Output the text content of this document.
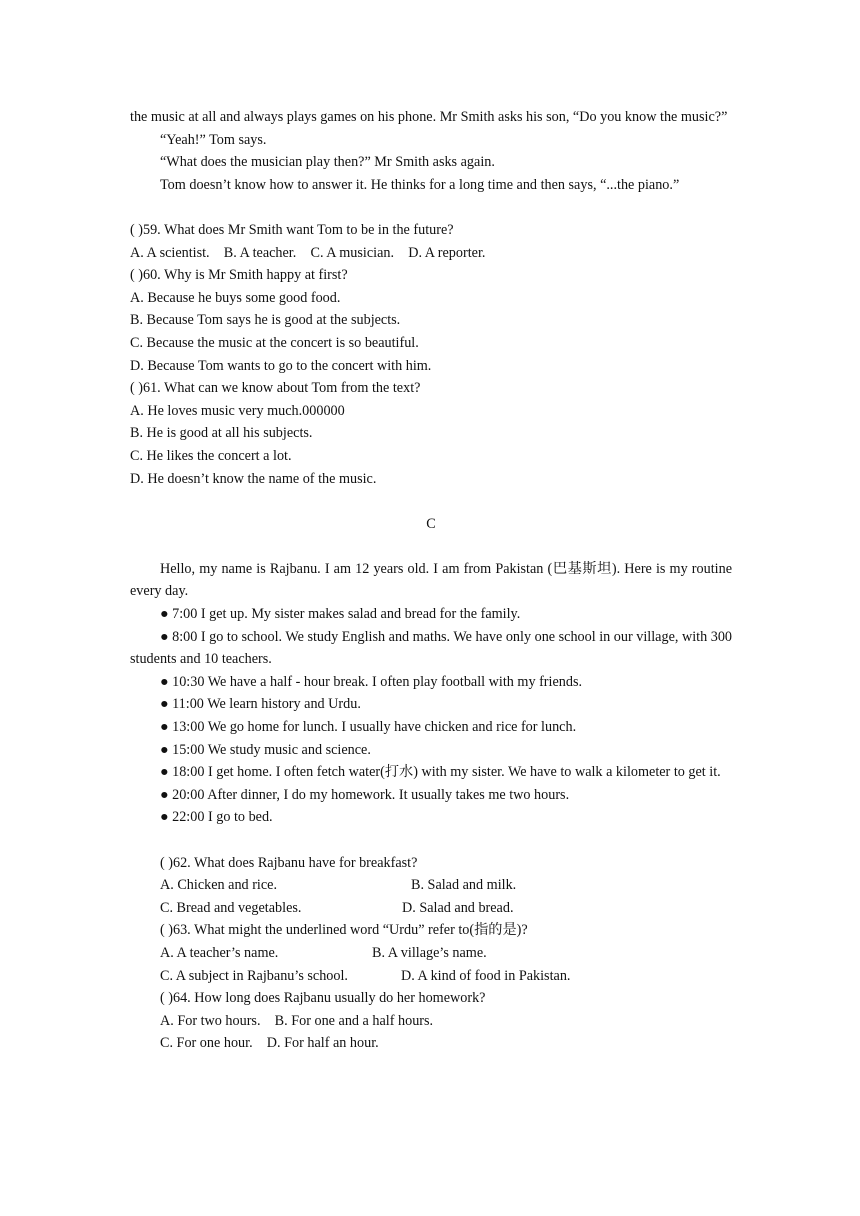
the music at all and always plays games on his phone. Mr Smith asks his son, “Do you know the music?”

“Yeah!” Tom says.

“What does the musician play then?” Mr Smith asks again.

Tom doesn’t know how to answer it. He thinks for a long time and then says, “...the piano.”

( )59. What does Mr Smith want Tom to be in the future?

A. A scientist.    B. A teacher.    C. A musician.    D. A reporter.

( )60. Why is Mr Smith happy at first?

A. Because he buys some good food.

B. Because Tom says he is good at the subjects.

C. Because the music at the concert is so beautiful.

D. Because Tom wants to go to the concert with him.

( )61. What can we know about Tom from the text?

A. He loves music very much.000000

B. He is good at all his subjects.

C. He likes the concert a lot.

D. He doesn’t know the name of the music.

C

Hello, my name is Rajbanu. I am 12 years old. I am from Pakistan (巴基斯坦). Here is my routine every day.

● 7:00 I get up. My sister makes salad and bread for the family.

● 8:00 I go to school. We study English and maths. We have only one school in our village, with 300 students and 10 teachers.

● 10:30 We have a half - hour break. I often play football with my friends.

● 11:00 We learn history and Urdu.

● 13:00 We go home for lunch. I usually have chicken and rice for lunch.

● 15:00 We study music and science.

● 18:00 I get home. I often fetch water(打水) with my sister. We have to walk a kilometer to get it.

● 20:00 After dinner, I do my homework. It usually takes me two hours.

● 22:00 I go to bed.

( )62. What does Rajbanu have for breakfast?

A. Chicken and rice.	B. Salad and milk.
C. Bread and vegetables.	D. Salad and bread.

( )63. What might the underlined word “Urdu” refer to(指的是)?

A. A teacher’s name.	B. A village’s name.
C. A subject in Rajbanu’s school.	D. A kind of food in Pakistan.

( )64. How long does Rajbanu usually do her homework?

A. For two hours.    B. For one and a half hours.

C. For one hour.    D. For half an hour.
